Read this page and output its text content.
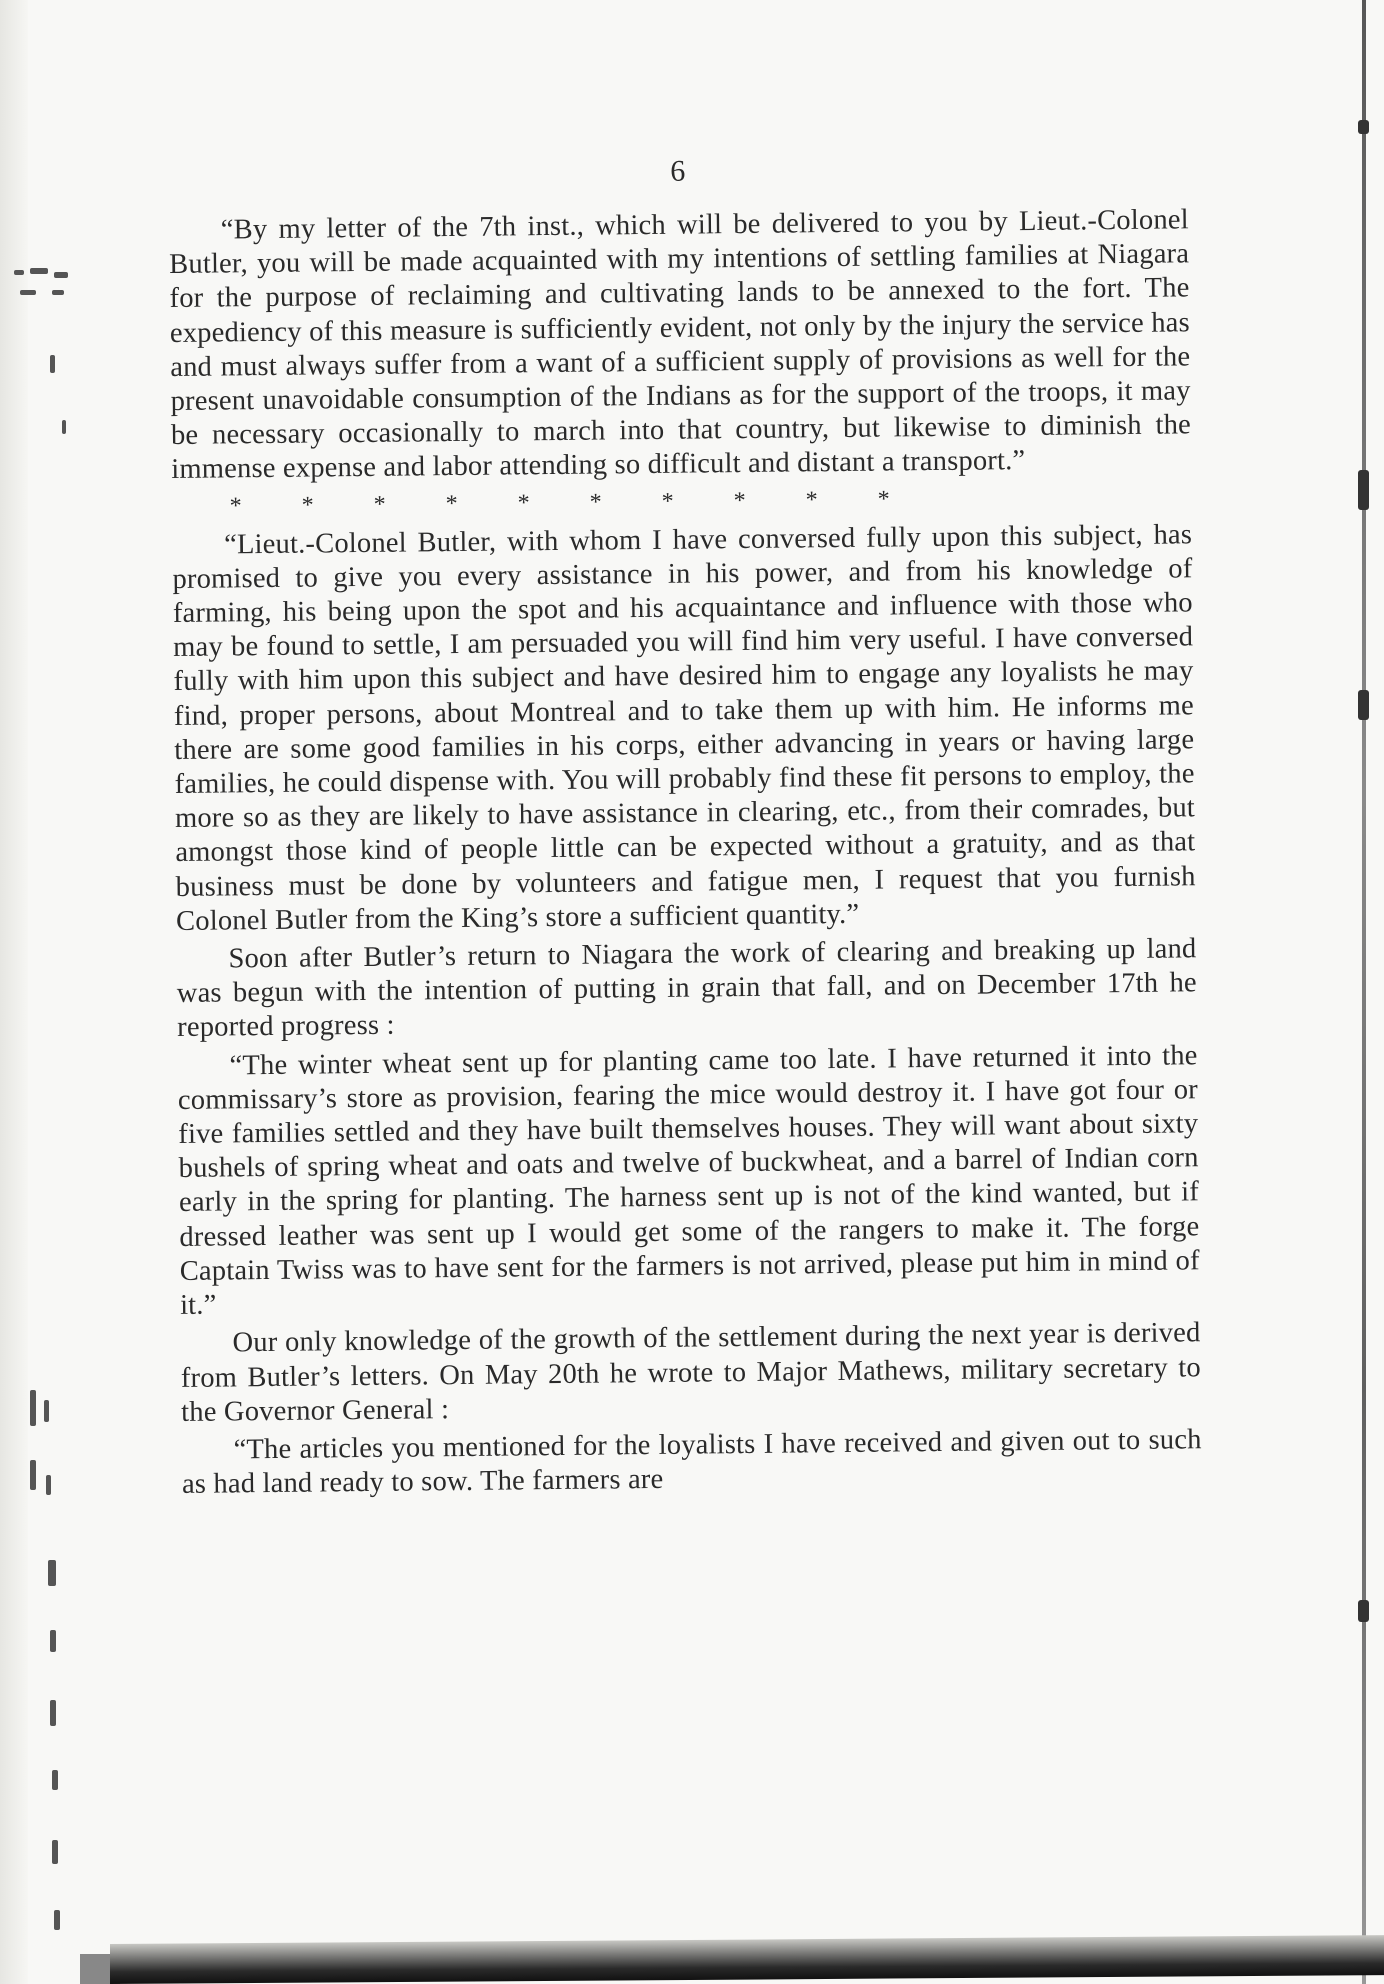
6

“By my letter of the 7th inst., which will be delivered to you by Lieut.-Colonel Butler, you will be made acquainted with my intentions of settling families at Niagara for the purpose of reclaiming and cultivating lands to be annexed to the fort. The expediency of this measure is sufficiently evident, not only by the injury the service has and must always suffer from a want of a sufficient supply of provisions as well for the present unavoidable consumption of the Indians as for the support of the troops, it may be necessary occasionally to march into that country, but likewise to diminish the immense expense and labor attending so difficult and distant a transport.”

*          *          *          *          *          *          *          *          *          *

“Lieut.-Colonel Butler, with whom I have conversed fully upon this subject, has promised to give you every assistance in his power, and from his knowledge of farming, his being upon the spot and his acquaintance and influence with those who may be found to settle, I am persuaded you will find him very useful. I have conversed fully with him upon this subject and have desired him to engage any loyalists he may find, proper persons, about Montreal and to take them up with him. He informs me there are some good families in his corps, either advancing in years or having large families, he could dispense with. You will probably find these fit persons to employ, the more so as they are likely to have assistance in clearing, etc., from their comrades, but amongst those kind of people little can be expected without a gratuity, and as that business must be done by volunteers and fatigue men, I request that you furnish Colonel Butler from the King’s store a sufficient quantity.”

Soon after Butler’s return to Niagara the work of clearing and breaking up land was begun with the intention of putting in grain that fall, and on December 17th he reported progress :

“The winter wheat sent up for planting came too late. I have returned it into the commissary’s store as provision, fearing the mice would destroy it. I have got four or five families settled and they have built themselves houses. They will want about sixty bushels of spring wheat and oats and twelve of buckwheat, and a barrel of Indian corn early in the spring for planting. The harness sent up is not of the kind wanted, but if dressed leather was sent up I would get some of the rangers to make it. The forge Captain Twiss was to have sent for the farmers is not arrived, please put him in mind of it.”

Our only knowledge of the growth of the settlement during the next year is derived from Butler’s letters. On May 20th he wrote to Major Mathews, military secretary to the Governor General :

“The articles you mentioned for the loyalists I have received and given out to such as had land ready to sow. The farmers are
